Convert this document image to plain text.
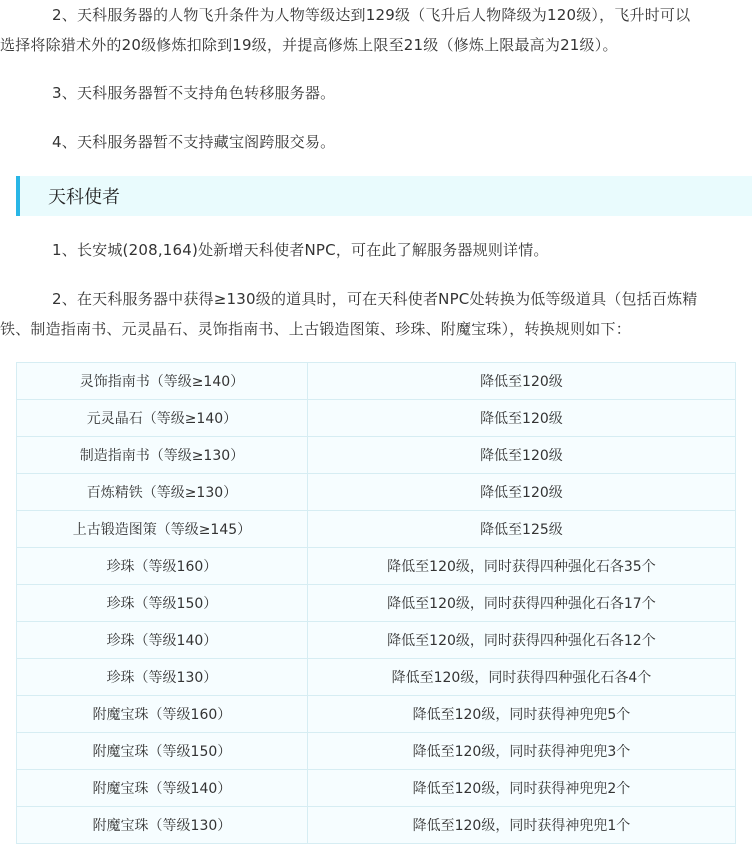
2、天科服务器的人物飞升条件为人物等级达到129级（飞升后人物降级为120级），飞升时可以

选择将除猎术外的20级修炼扣除到19级，并提高修炼上限至21级（修炼上限最高为21级）。

3、天科服务器暂不支持角色转移服务器。

4、天科服务器暂不支持藏宝阁跨服交易。

天科使者

1、长安城(208,164)处新增天科使者NPC，可在此了解服务器规则详情。

2、在天科服务器中获得≥130级的道具时，可在天科使者NPC处转换为低等级道具（包括百炼精

铁、制造指南书、元灵晶石、灵饰指南书、上古锻造图策、珍珠、附魔宝珠），转换规则如下：

灵饰指南书（等级≥140）	降低至120级
元灵晶石（等级≥140）	降低至120级
制造指南书（等级≥130）	降低至120级
百炼精铁（等级≥130）	降低至120级
上古锻造图策（等级≥145）	降低至125级
珍珠（等级160）	降低至120级，同时获得四种强化石各35个
珍珠（等级150）	降低至120级，同时获得四种强化石各17个
珍珠（等级140）	降低至120级，同时获得四种强化石各12个
珍珠（等级130）	降低至120级，同时获得四种强化石各4个
附魔宝珠（等级160）	降低至120级，同时获得神兜兜5个
附魔宝珠（等级150）	降低至120级，同时获得神兜兜3个
附魔宝珠（等级140）	降低至120级，同时获得神兜兜2个
附魔宝珠（等级130）	降低至120级，同时获得神兜兜1个
